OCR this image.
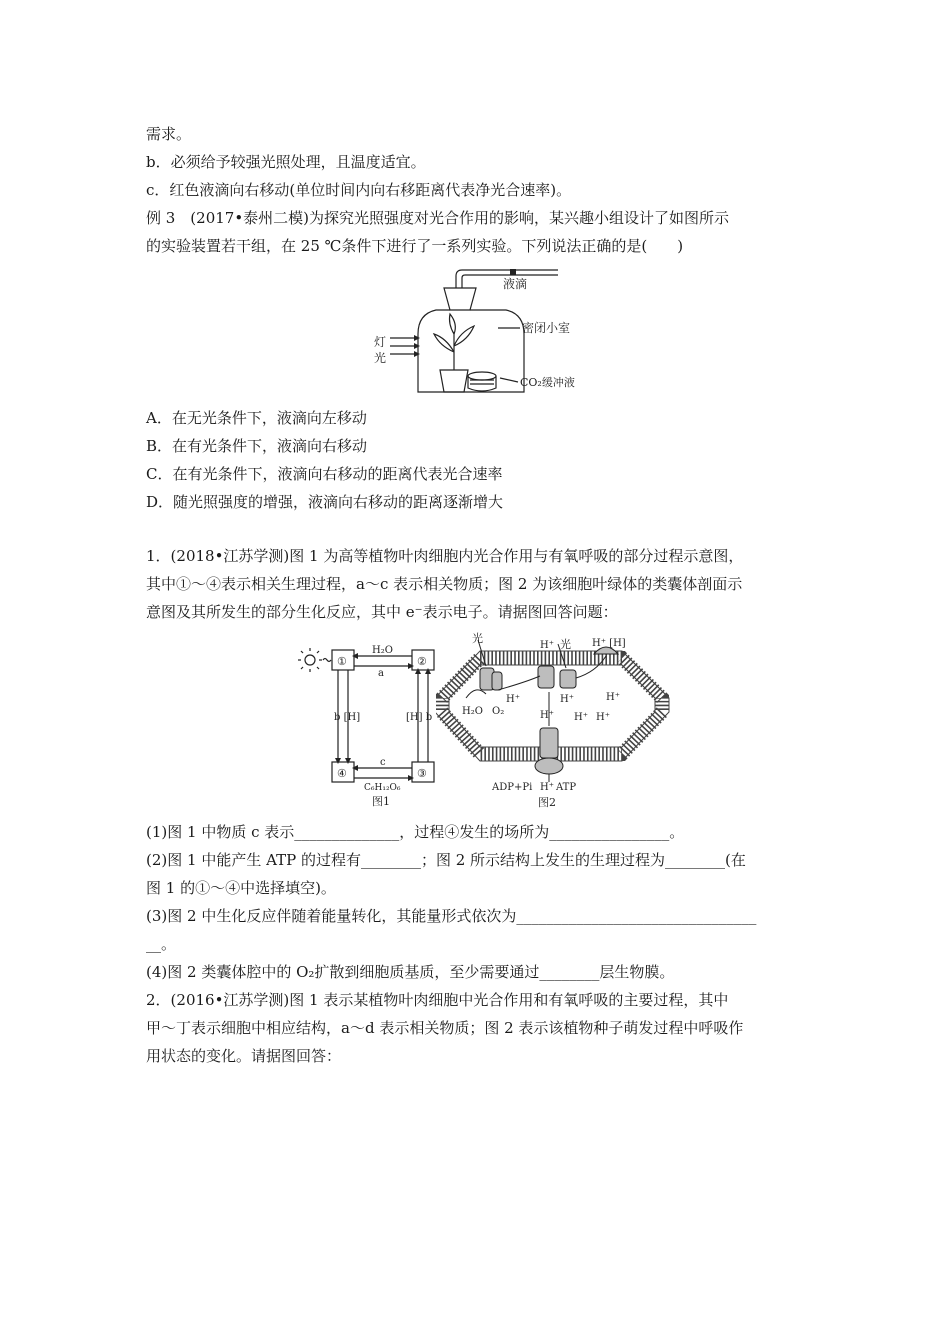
需求。
b．必须给予较强光照处理，且温度适宜。
c．红色液滴向右移动(单位时间内向右移距离代表净光合速率)。
例 3　(2017•泰州二模)为探究光照强度对光合作用的影响，某兴趣小组设计了如图所示
的实验装置若干组，在 25 ℃条件下进行了一系列实验。下列说法正确的是(　　)
液滴
密闭小室
灯
光
CO₂缓冲液
A．在无光条件下，液滴向左移动
B．在有光条件下，液滴向右移动
C．在有光条件下，液滴向右移动的距离代表光合速率
D．随光照强度的增强，液滴向右移动的距离逐渐增大
1．(2018•江苏学测)图 1 为高等植物叶肉细胞内光合作用与有氧呼吸的部分过程示意图，
其中①～④表示相关生理过程，a～c 表示相关物质；图 2 为该细胞叶绿体的类囊体剖面示
意图及其所发生的部分生化反应，其中 e⁻表示电子。请据图回答问题：
①	②
④	③
H₂O
a
b [H]	[H] b
c
C₆H₁₂O₆
图1
光
H⁺ 光 H⁺ [H]
H⁺	H⁺	H⁺
H⁺ H⁺ H⁺
H₂O O₂
ADP+Pi H⁺ ATP
图2
(1)图 1 中物质 c 表示______________，过程④发生的场所为________________。
(2)图 1 中能产生 ATP 的过程有________；图 2 所示结构上发生的生理过程为________(在
图 1 的①～④中选择填空)。
(3)图 2 中生化反应伴随着能量转化，其能量形式依次为________________________________
__。
(4)图 2 类囊体腔中的 O₂扩散到细胞质基质，至少需要通过________层生物膜。
2．(2016•江苏学测)图 1 表示某植物叶肉细胞中光合作用和有氧呼吸的主要过程，其中
甲～丁表示细胞中相应结构，a～d 表示相关物质；图 2 表示该植物种子萌发过程中呼吸作
用状态的变化。请据图回答：
